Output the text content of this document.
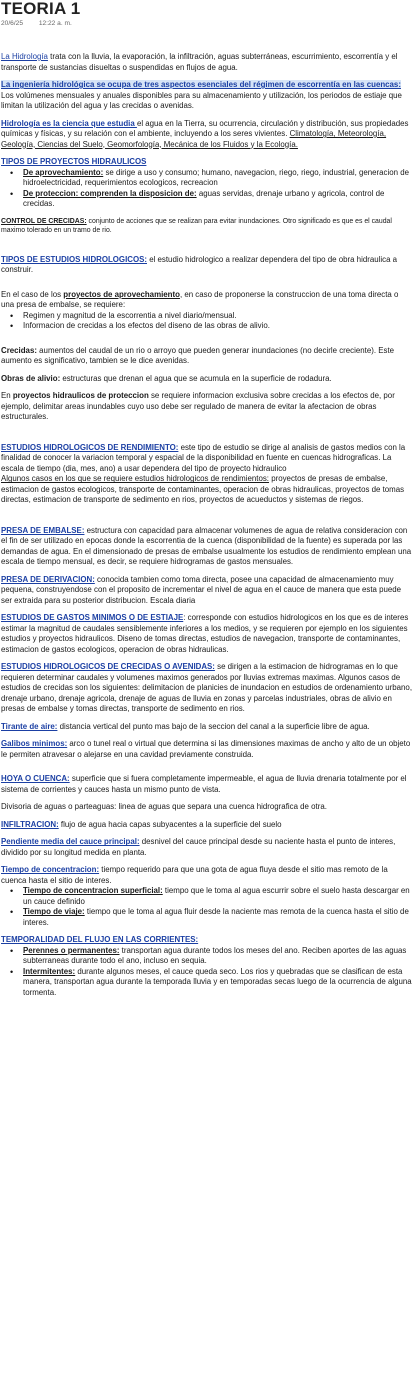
TEORIA 1
20/6/25 12:22 a. m.

La Hidrología trata con la lluvia, la evaporación, la infiltración, aguas subterráneas, escurrimiento, escorrentía y el transporte de sustancias disueltas o suspendidas en flujos de agua.

La ingeniería hidrológica se ocupa de tres aspectos esenciales del régimen de escorrentía en las cuencas: Los volúmenes mensuales y anuales disponibles para su almacenamiento y utilización, los periodos de estiaje que limitan la utilización del agua y las crecidas o avenidas.

Hidrología es la ciencia que estudia el agua en la Tierra, su ocurrencia, circulación y distribución, sus propiedades químicas y físicas, y su relación con el ambiente, incluyendo a los seres vivientes. Climatología, Meteorología, Geología, Ciencias del Suelo, Geomorfología, Mecánica de los Fluidos y la Ecología.

TIPOS DE PROYECTOS HIDRAULICOS

• De aprovechamiento: se dirige a uso y consumo; humano, navegacion, riego, riego, industrial, generacion de hidroelectricidad, requerimientos ecologicos, recreacion
• De proteccion: comprenden la disposicion de: aguas servidas, drenaje urbano y agricola, control de crecidas.

CONTROL DE CRECIDAS: conjunto de acciones que se realizan para evitar inundaciones. Otro significado es que es el caudal maximo tolerado en un tramo de rio.

TIPOS DE ESTUDIOS HIDROLOGICOS: el estudio hidrologico a realizar dependera del tipo de obra hidraulica a construir.

En el caso de los proyectos de aprovechamiento, en caso de proponerse la construccion de una toma directa o una presa de embalse, se requiere:

• Regimen y magnitud de la escorrentia a nivel diario/mensual.
• Informacion de crecidas a los efectos del diseno de las obras de alivio.

Crecidas: aumentos del caudal de un rio o arroyo que pueden generar inundaciones (no decirle creciente). Este aumento es significativo, tambien se le dice avenidas.

Obras de alivio: estructuras que drenan el agua que se acumula en la superficie de rodadura.

En proyectos hidraulicos de proteccion se requiere informacion exclusiva sobre crecidas a los efectos de, por ejemplo, delimitar areas inundables cuyo uso debe ser regulado de manera de evitar la afectacion de obras estructurales.

ESTUDIOS HIDROLOGICOS DE RENDIMIENTO: este tipo de estudio se dirige al analisis de gastos medios con la finalidad de conocer la variacion temporal y espacial de la disponibilidad en fuente en cuencas hidrograficas. La escala de tiempo (dia, mes, ano) a usar dependera del tipo de proyecto hidraulico
Algunos casos en los que se requiere estudios hidrologicos de rendimientos: proyectos de presas de embalse, estimacion de gastos ecologicos, transporte de contaminantes, operacion de obras hidraulicas, proyectos de tomas directas, estimacion de transporte de sedimento en rios, proyectos de acueductos y sistemas de riegos.

PRESA DE EMBALSE: estructura con capacidad para almacenar volumenes de agua de relativa consideracion con el fin de ser utilizado en epocas donde la escorrentia de la cuenca (disponibilidad de la fuente) es superada por las demandas de agua. En el dimensionado de presas de embalse usualmente los estudios de rendimiento emplean una escala de tiempo mensual, es decir, se requiere hidrogramas de gastos mensuales.

PRESA DE DERIVACION: conocida tambien como toma directa, posee una capacidad de almacenamiento muy pequena, construyendose con el proposito de incrementar el nivel de agua en el cauce de manera que esta puede ser extraida para su posterior distribucion. Escala diaria

ESTUDIOS DE GASTOS MINIMOS O DE ESTIAJE: corresponde con estudios hidrologicos en los que es de interes estimar la magnitud de caudales sensiblemente inferiores a los medios, y se requieren por ejemplo en los siguientes estudios y proyectos hidraulicos. Diseno de tomas directas, estudios de navegacion, transporte de contaminantes, estimacion de gastos ecologicos, operacion de obras hidraulicas.

ESTUDIOS HIDROLOGICOS DE CRECIDAS O AVENIDAS: se dirigen a la estimacion de hidrogramas en lo que requieren determinar caudales y volumenes maximos generados por lluvias extremas maximas. Algunos casos de estudios de crecidas son los siguientes: delimitacion de planicies de inundacion en estudios de ordenamiento urbano, drenaje urbano, drenaje agricola, drenaje de aguas de lluvia en zonas y parcelas industriales, obras de alivio en presas de embalse y tomas directas, transporte de sedimento en rios.

Tirante de aire: distancia vertical del punto mas bajo de la seccion del canal a la superficie libre de agua.

Galibos minimos: arco o tunel real o virtual que determina si las dimensiones maximas de ancho y alto de un objeto le permiten atravesar o alejarse en una cavidad previamente construida.

HOYA O CUENCA: superficie que si fuera completamente impermeable, el agua de lluvia drenaria totalmente por el sistema de corrientes y cauces hasta un mismo punto de vista.

Divisoria de aguas o parteaguas: linea de aguas que separa una cuenca hidrografica de otra.

INFILTRACION: flujo de agua hacia capas subyacentes a la superficie del suelo

Pendiente media del cauce principal: desnivel del cauce principal desde su naciente hasta el punto de interes, dividido por su longitud medida en planta.

Tiempo de concentracion: tiempo requerido para que una gota de agua fluya desde el sitio mas remoto de la cuenca hasta el sitio de interes.

• Tiempo de concentracion superficial: tiempo que le toma al agua escurrir sobre el suelo hasta descargar en un cauce definido
• Tiempo de viaje: tiempo que le toma al agua fluir desde la naciente mas remota de la cuenca hasta el sitio de interes.

TEMPORALIDAD DEL FLUJO EN LAS CORRIENTES:

• Perennes o permanentes: transportan agua durante todos los meses del ano. Reciben aportes de las aguas subterraneas durante todo el ano, incluso en sequia.
• Intermitentes: durante algunos meses, el cauce queda seco. Los rios y quebradas que se clasifican de esta manera, transportan agua durante la temporada lluvia y en temporadas secas luego de la ocurrencia de alguna tormenta.
